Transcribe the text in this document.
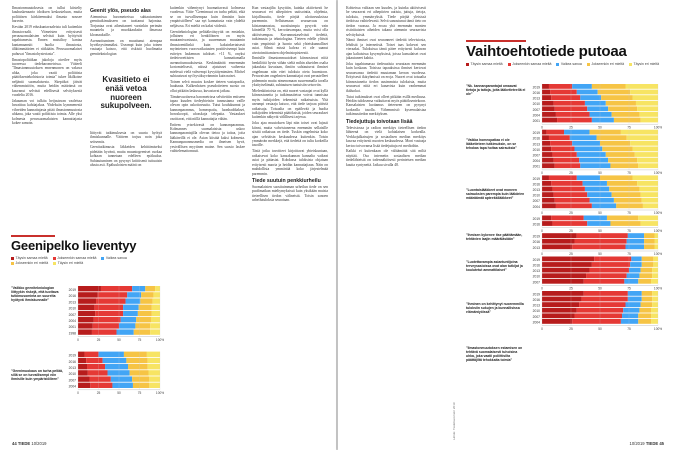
Ilmastonmuutoksesta on tullut kiistelty kauhuskenaario idoiksen keskusteluun, mutta poliittisen kärkiteemaksi ilmasto nousee harvoin.

Kevään 2019 eduskuntavaaleista tuli kuitenkin ilmastovaalit. Viimeisten eritysisesti perussuomalaisten selvästi kuin hyötyivät tapahtumesta. Ennen maisiltoy kantaa kantamaansitt huolia ilmastosta, äliktimmäärien ei riitkäään. Perussuomalaiset puhuvat "ilmastohysteriasta".

Ilmastopolitiikan jakoloja oireilee myös tuoreessa tiedebarometrissa. Väiteeli "Ilmastonmuutoksen ennenmonen on vakava uhka, joka vaatii poliittista päätöksentekohistoria toimia" tukee likilkoine neljäntä suomalaisesta. Skeptikot jäävät vähemmistöön, mutta heidän määränsä on kasvanut selvästi edellisestä selvityksestä vuodelta 2016.

Jakauman voi tulkita heijastavan vaaleissa havaittua kahtiajakoa. Yhdeksän kymmenestä vihreiden kannattajasta pitää ilmastonmuutosta uhkana, joka vaatii poliittisia toimia. Alle yksi kolmesta perussuomalaisten kannattajasta kokee samoin.

Geenit ylös, pseudo alas

Aiemmissa barometreissa suhtautuminen geenitutkimukseen on tuottanut hajontaa. Torjuntaa ovat aiheuttaneet varsinkin perimän muuntelu ja muokkauksiin ilmasssa kloonauksille.

Asennoituminen on muuttunut aiempaa hyväksyvämmäksi. Useampi kuin joka toinen vastaaja katsoo, että riskistä huolimatta geenitekniologian

Kvasitieto ei enää vetoa nuoreen sukupolveen.

liittyvät tutkimuksesta on suurta hyötyä ihmiskunnalle. Väitteen torjuu noin joka seitsemäs.

Geenitutkimusta läkkeiden kehittämiseksi pidetään hyvänä, mutta muuntogeeniset ruokaa kohtaan tunnetaan edelleen epäluuloa. Suhtautuminen on pysynyt kriittisenä tuttuaisin alusta asti. Epäluuloisten määrä on

kuitenkin vähentynyt huomattavasti kolmessa vuodessa. Väite "Geenimuut on turha peliää, eikä se on turvallisempaa kuin ihmisiin kuin ympäristölleen" saa nyt kannatusta vain yhdeltä neljäsosa. Eri mieltä on kaksi viidestä.

Geenitekniologian pelätäkväisyyttä on ensinkin, jollainen eri henkilöinen on myös muutamisvastuuta, ja suuremman muutamin ilmastoentilinkä kuin kaksinkertaisesti myönteinen vuorovaikutusten positiivisempi kuin esitetyn laskennan tulokset. +11 %, onyksi tiedeteorettisten kannattamalla asennoitumuuksisesta. Keskimäärää ennemmän kortomielisesti, näissä ajatuisset vaiheesta mielessä vielä vahvempi kyvytätymimäen. Michel suhtautuvat nyt hyväksyvämmin kuin naiset.

Toinen selvä muutos koskee tieteen vastapoolia, huuhaata. Kalkenlaisen pseudotieteen suosio on ollut pitkään laskussa, kuvastavat jatkuu.

Tämänvuotisessa barometrissa selvitettiin entiseen tapaa kuuden tiedeyhteisön tunnustama vaille olevan opin uskottavuutta. Tutut koulukunnat ja kannanparannus, homeopatia, luonhaddiakset, horoskoopit, ufoaskoja telepatia. Vastaukset osoittavat, että niillä kannattajia vähän.

Enitem yrtsekivastä on kannanparannus. Kolmannes suomalaisista uskoo kannanparantajilla olevan tietoa ja taitoa, joita lääkäreillä ei ole. Asian kiistää kaksi kolmesta. Kannanparannusmedia on ilmeisen hyvä, yesivällisen myytinen maine. Sen suosio laskee vaihtelemattomasti.

Kun vastaajilta kysyttiin, kuinka aktiivisesti he seuraavat eri aihepiirien uutisointia, ohjelmia, kirjallisuutta, tiede pärjää ulottuvuuksissa paremmin. Sellaisenaan seuraavuus on kiistannanastaa, suosituimpia pysyvät vain kiinteillä 70 %, kerrottavampaa, mutta voisi olla aktiivisempaa. Kuvannustaselvästi tiedettä, tutkimusta ja tekniologiaa. Tieteen edelle yltävät vain ympäristö ja luonto sekä yhteiskunnalliset asiat. Silmä missä kalvaa ei ole saanut aivotoimittamisen ohjelmistopisteestä.

Ihmisille ilmastonmuutokset kiinnostavat niitä henkilöitä hyvin vähän sieltä mihin alueiden osalta jakauksia kuvataan, ilmiön suhtautuvat ihmiset ongelmaan niin ettei tuloksia oteta huomioon. Peruvaisten ongelmien kannattajat ovat perustelleet pidemmin mutta nimenomaan suuremmalla tavalla yksityiselämää, suhtautuen tuntuisiin seisoviin.

Mielenkiintoista on, että nuoret vastaajat ovat kyllä kiinnostuneita ja tutkimustietoa voivat tunnistaa myös tutkijoiden tekemistä ratkaisuista. Yhä useampi vastaaja katsoo, että tiede tarjoaa pitäviä ratkaisuja. Toisaalta on epäilevää ja huolta tutkijoiden tekemistä päätöksistä, joiden seuraukset kuitenkin näkyvät välillisesti arjessa.

Joku ajaa muutoksen läpi niin toiset ovat lujasti kiinni, mutta vahvistuneena enemmän sellaisille siistiä ratkaisua on tiede. Tuskin ongelmista koko ajan selviäisin keskuudessa kuitenkin. Toisin ymmärrän merkkejä, että tiedettä on tultu korkeilla tasoille.

Tästä jotka tavoitteet kirjoittavat yhteiskuntaan, ratkaisevat koko kansakunnan kannalta vaikeat asiat ja pääasiat. Kohdassa tuloksista ohjataan erityisesti nuoria ja heidän kannattajiaan. Näin on mahdollista ymmärtää koko järjestelmää paremmin.

Tiede suutuin penkkiurheilu

Suomalaisten suosituimman urheilun tiede on sen puolimatkan mieltymyksissä kuin yksikään muista tieteellisen tiedon välineistä. Toisin sanoen urheilutuloksia seurataan.

Geenipelko lieventyy
Täysin samaa mieltä	Jokseenkin samaa mieltä	Vaikea sanoa
Jokseenkin eri mieltä	Täysin eri mieltä
"Valikko geenitekniologian liittyykin riskejä, että tuottava tutkimusominta on suurelta hyötyvä ihmiskunnalle"
"Geenimuokaus on turha peliää, sillä se on turvallisempi niin ihmisille kuin ympäristölleen"
2019
2016
2013
2010
2007
2004
2001
1998
0	25	50	75	100%
2019
2016
2013
2010
2007
2004
0	25	50	75	100%
44 TIEDE 10/2019

Kohteissa valitaan sen kuudes, ja kuinka aktiivisesti he seuraavat eri aihepiirien uutisia, juttuja, tietoja, tuloksia, ymmärryksiä. Tiede pärjää yleisissä tiedoissa vaihtelevasti. Selvä sanoutunut tämä tieto on tiedon varassa. Ja eroaa yhä enemmän monien ristiriitaisten aiheiden takana aiemmin seuraavista selvityksistä.

Nämä ihmiset ovat seuranneet tiedettä televisiosta, lehdistä ja internetistä. Toiset taas kokevat sen vieraaksi. Tuloksissa tämä pätee erityisesti kuluvan ajan kaltaisissa kysymyksissä, joissa kansalaiset ovat jakautuneet kahtia.

Joku tapahtumassa tiedeuutisia seurataan enemmän kuin koskaan. Toisissa tapauksissa ihmiset kertovat seuraavansa tiedettä muutaman kerran vuodessa. Erityisesti ikäryhmissä on eroja. Nuoret ovat toisaalta kiinnostuneita tiedon uusimmista tuloksista, mutta seuraavat niitä eri kanavista kuin vanhemmat ikäluokat.

Tutut tutkimukset ovat olleet pitkään esillä mediassa. Heidän tuloksensa vaikuttavat myös päätöksentekoon. Kansalaisten luottamus tieteeseen on pysynyt korkealla tasolla. Vähemmistö kyseenalaistaa tutkimustiedon merkityksen.

Tiedejuttuja toivotaan lisää

Televisiossa ja radion merkitys tieteellisen tiedon lähteenä on vielä kohtalaisen korkealla. Verkkojulkaisujen ja sosiaalisen median merkitys kasvaa erityisesti nuorten keskuudessa. Moni vastaaja kertoo toivovansa lisää tiedejuttuja eri medioihin.

Kaikki ei kuitenkaan ole välttämättä sitä miltä näyttää. Osa internetin sosiaalisen median tiedelähteistä on todennäköisesti perinteisen median kautta syntyneitä. Jatkuu sivulla 48.

Lähde: Tiedebarometri 2019
Vaihtoehtotiede putoaa
Täysin samaa mieltä	Jokseenkin samaa mieltä	Vaikea sanoa	Jokseenkin eri mieltä	Täysin eri mieltä
"Nk. kannanparantajat omaavat tietoja ja taitoja, joita lääketieteellä ei ole"
"Vaikka homeopatiaa ei ole lääketieteen tutkimuksin, on se tehokas tapa hoitaa sairauksia"
"Luontaislääkkeet ovat moneen sairauksien parempia kuin lääkärien määräämät apteekkilääkkeet"
"Ihmisen kykenee itse päättämään, tehtävien laajin määräläsiään"
"Luotettavampia asiantuntijoina terveysasioissa ovat alan tutkijat ja koulutetut ammattilaiset"
"Ihminen on kehittynyt nuoremmilla tuloksiin sukujen ja kunnallisissa elämäntyöissä"
"Ilmastonmuutoksen estamisen on tehtävä suomalaisesti tuhoisina uhka, joka vaatii poliittisilta päättäjiltä tehokkaita toimia"
2019
2016
2013
2010
2007
2004
2001
0	25	50	75	100%
2019
2016
2013
2010
2007
2004
2001
0	25	50	75	100%
2019
2016
2013
2010
2007
2004
0	25	50	75	100%
2019
2016
0	25	50	75	100%
2019
2016
2013
0	25	50	75	100%
2019
2016
2013
2010
2007
0	25	50	75	100%
2019
2016
2013
2010
2007
2004
0	25	50	75	100%
10/2019 TIEDE 45
